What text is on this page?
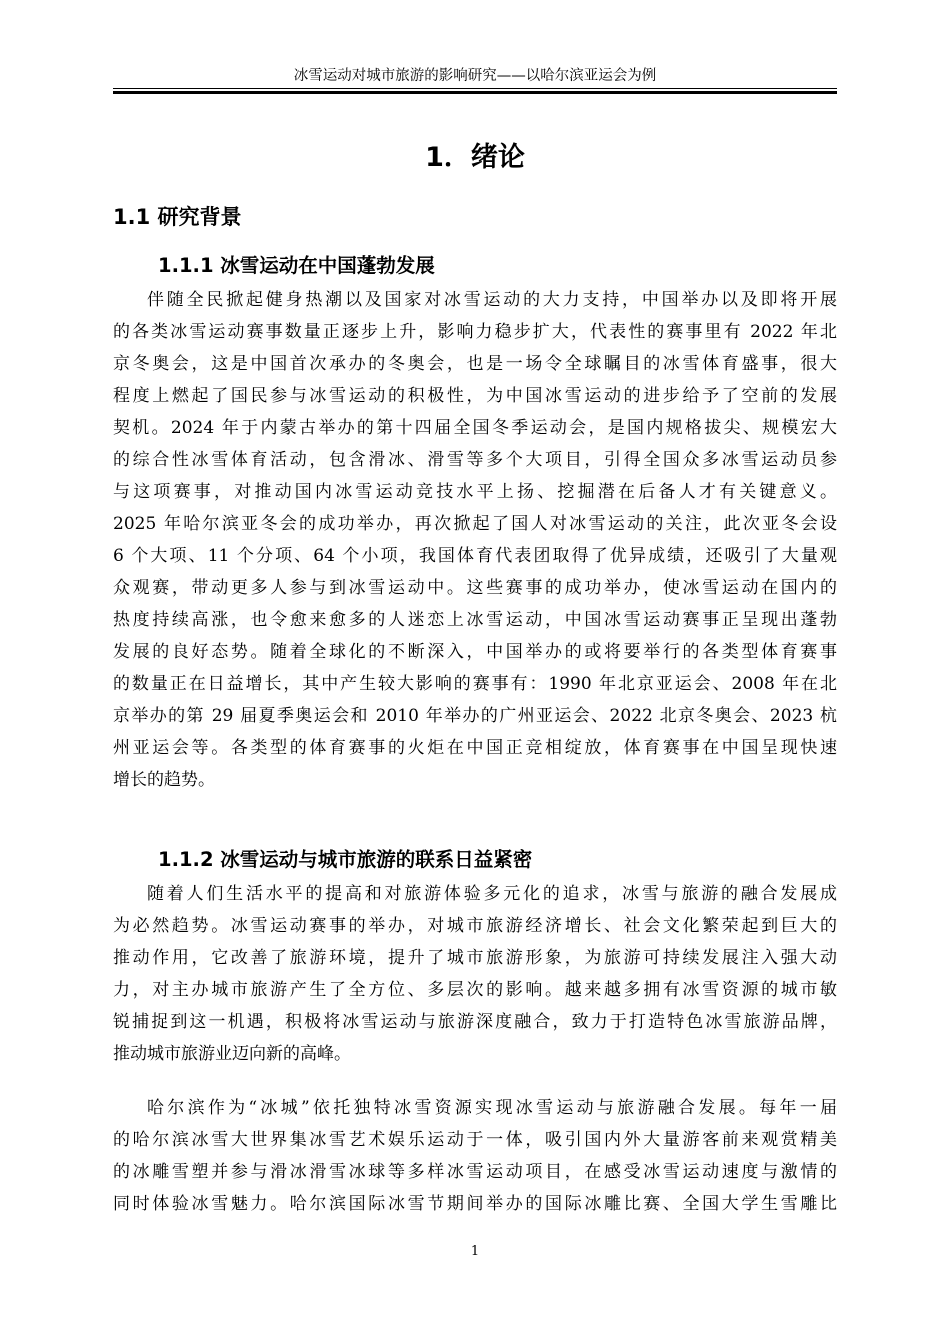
冰雪运动对城市旅游的影响研究——以哈尔滨亚运会为例
1．绪论
1.1 研究背景
1.1.1 冰雪运动在中国蓬勃发展
伴随全民掀起健身热潮以及国家对冰雪运动的大力支持，中国举办以及即将开展
的各类冰雪运动赛事数量正逐步上升，影响力稳步扩大，代表性的赛事里有 2022 年北
京冬奥会，这是中国首次承办的冬奥会，也是一场令全球瞩目的冰雪体育盛事，很大
程度上燃起了国民参与冰雪运动的积极性，为中国冰雪运动的进步给予了空前的发展
契机。2024 年于内蒙古举办的第十四届全国冬季运动会，是国内规格拔尖、规模宏大
的综合性冰雪体育活动，包含滑冰、滑雪等多个大项目，引得全国众多冰雪运动员参
与这项赛事，对推动国内冰雪运动竞技水平上扬、挖掘潜在后备人才有关键意义。
2025 年哈尔滨亚冬会的成功举办，再次掀起了国人对冰雪运动的关注，此次亚冬会设
6 个大项、11 个分项、64 个小项，我国体育代表团取得了优异成绩，还吸引了大量观
众观赛，带动更多人参与到冰雪运动中。这些赛事的成功举办，使冰雪运动在国内的
热度持续高涨，也令愈来愈多的人迷恋上冰雪运动，中国冰雪运动赛事正呈现出蓬勃
发展的良好态势。随着全球化的不断深入，中国举办的或将要举行的各类型体育赛事
的数量正在日益增长，其中产生较大影响的赛事有：1990 年北京亚运会、2008 年在北
京举办的第 29 届夏季奥运会和 2010 年举办的广州亚运会、2022 北京冬奥会、2023 杭
州亚运会等。各类型的体育赛事的火炬在中国正竞相绽放，体育赛事在中国呈现快速
增长的趋势。
1.1.2 冰雪运动与城市旅游的联系日益紧密
随着人们生活水平的提高和对旅游体验多元化的追求，冰雪与旅游的融合发展成
为必然趋势。冰雪运动赛事的举办，对城市旅游经济增长、社会文化繁荣起到巨大的
推动作用，它改善了旅游环境，提升了城市旅游形象，为旅游可持续发展注入强大动
力，对主办城市旅游产生了全方位、多层次的影响。越来越多拥有冰雪资源的城市敏
锐捕捉到这一机遇，积极将冰雪运动与旅游深度融合，致力于打造特色冰雪旅游品牌，
推动城市旅游业迈向新的高峰。
哈尔滨作为“冰城”依托独特冰雪资源实现冰雪运动与旅游融合发展。每年一届
的哈尔滨冰雪大世界集冰雪艺术娱乐运动于一体，吸引国内外大量游客前来观赏精美
的冰雕雪塑并参与滑冰滑雪冰球等多样冰雪运动项目，在感受冰雪运动速度与激情的
同时体验冰雪魅力。哈尔滨国际冰雪节期间举办的国际冰雕比赛、全国大学生雪雕比
1
